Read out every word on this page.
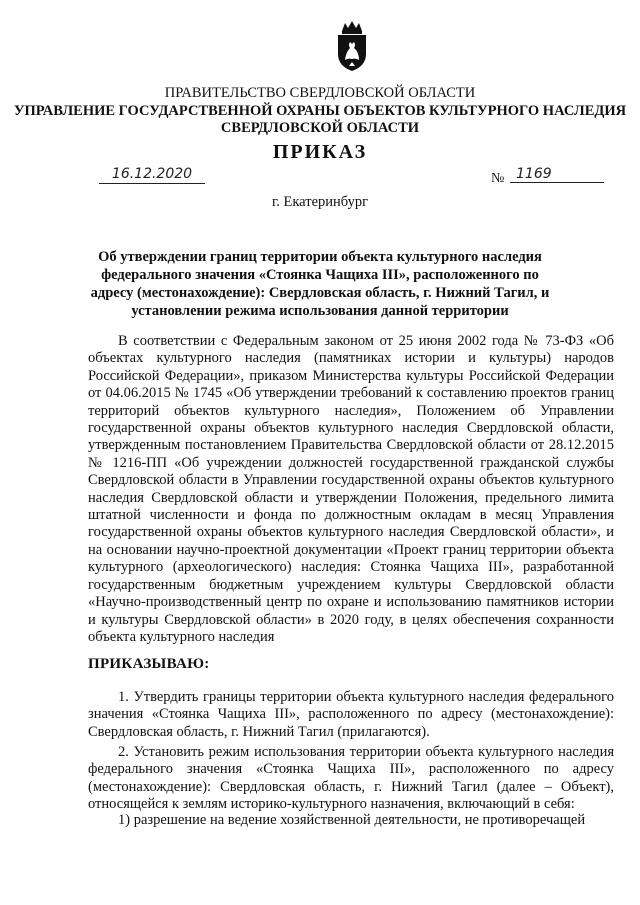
ПРАВИТЕЛЬСТВО СВЕРДЛОВСКОЙ ОБЛАСТИ
УПРАВЛЕНИЕ ГОСУДАРСТВЕННОЙ ОХРАНЫ ОБЪЕКТОВ КУЛЬТУРНОГО НАСЛЕДИЯ
СВЕРДЛОВСКОЙ ОБЛАСТИ
ПРИКАЗ
16.12.2020	№ 1169
г. Екатеринбург
Об утверждении границ территории объекта культурного наследия федерального значения «Стоянка Чащиха III», расположенного по адресу (местонахождение): Свердловская область, г. Нижний Тагил, и установлении режима использования данной территории
В соответствии с Федеральным законом от 25 июня 2002 года № 73-ФЗ «Об объектах культурного наследия (памятниках истории и культуры) народов Российской Федерации», приказом Министерства культуры Российской Федерации от 04.06.2015 № 1745 «Об утверждении требований к составлению проектов границ территорий объектов культурного наследия», Положением об Управлении государственной охраны объектов культурного наследия Свердловской области, утвержденным постановлением Правительства Свердловской области от 28.12.2015 № 1216-ПП «Об учреждении должностей государственной гражданской службы Свердловской области в Управлении государственной охраны объектов культурного наследия Свердловской области и утверждении Положения, предельного лимита штатной численности и фонда по должностным окладам в месяц Управления государственной охраны объектов культурного наследия Свердловской области», и на основании научно-проектной документации «Проект границ территории объекта культурного (археологического) наследия: Стоянка Чащиха III», разработанной государственным бюджетным учреждением культуры Свердловской области «Научно-производственный центр по охране и использованию памятников истории и культуры Свердловской области» в 2020 году, в целях обеспечения сохранности объекта культурного наследия
ПРИКАЗЫВАЮ:
1. Утвердить границы территории объекта культурного наследия федерального значения «Стоянка Чащиха III», расположенного по адресу (местонахождение): Свердловская область, г. Нижний Тагил (прилагаются).
2. Установить режим использования территории объекта культурного наследия федерального значения «Стоянка Чащиха III», расположенного по адресу (местонахождение): Свердловская область, г. Нижний Тагил (далее – Объект), относящейся к землям историко-культурного назначения, включающий в себя:
1) разрешение на ведение хозяйственной деятельности, не противоречащей
